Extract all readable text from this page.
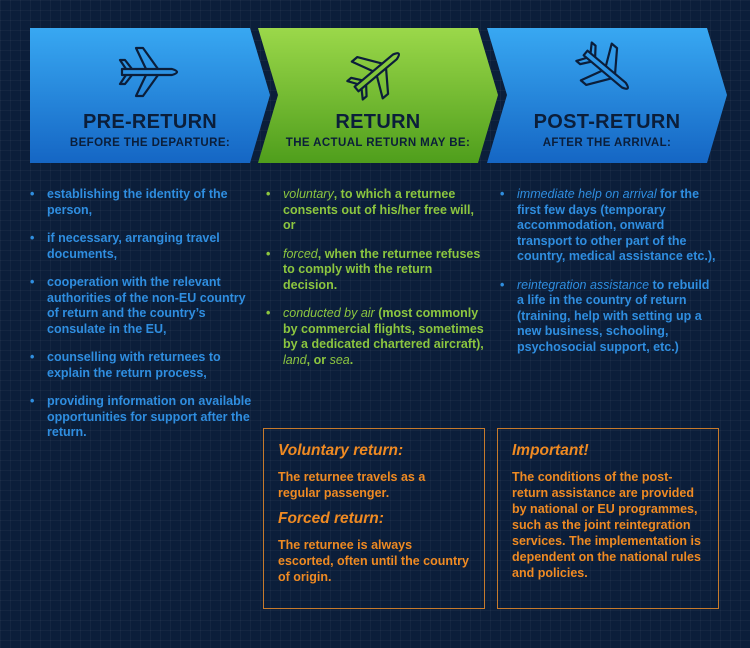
PRE-RETURN
BEFORE THE DEPARTURE:
RETURN
THE ACTUAL RETURN MAY BE:
POST-RETURN
AFTER THE ARRIVAL:
• establishing the identity of the person,
• if necessary, arranging travel documents,
• cooperation with the relevant authorities of the non-EU country of return and the country’s consulate in the EU,
• counselling with returnees to explain the return process,
• providing information on available opportunities for support after the return.
• voluntary, to which a returnee consents out of his/her free will, or
• forced, when the returnee refuses to comply with the return decision.
• conducted by air (most commonly by commercial flights, sometimes by a dedicated chartered aircraft), land, or sea.
• immediate help on arrival for the first few days (temporary accommodation, onward transport to other part of the country, medical assistance etc.),
• reintegration assistance to rebuild a life in the country of return (training, help with setting up a new business, schooling, psychosocial support, etc.)
Voluntary return:

The returnee travels as a regular passenger.

Forced return:

The returnee is always escorted, often until the country of origin.

Important!

The conditions of the post-return assistance are provided by national or EU programmes, such as the joint reintegration services. The implementation is dependent on the national rules and policies.
